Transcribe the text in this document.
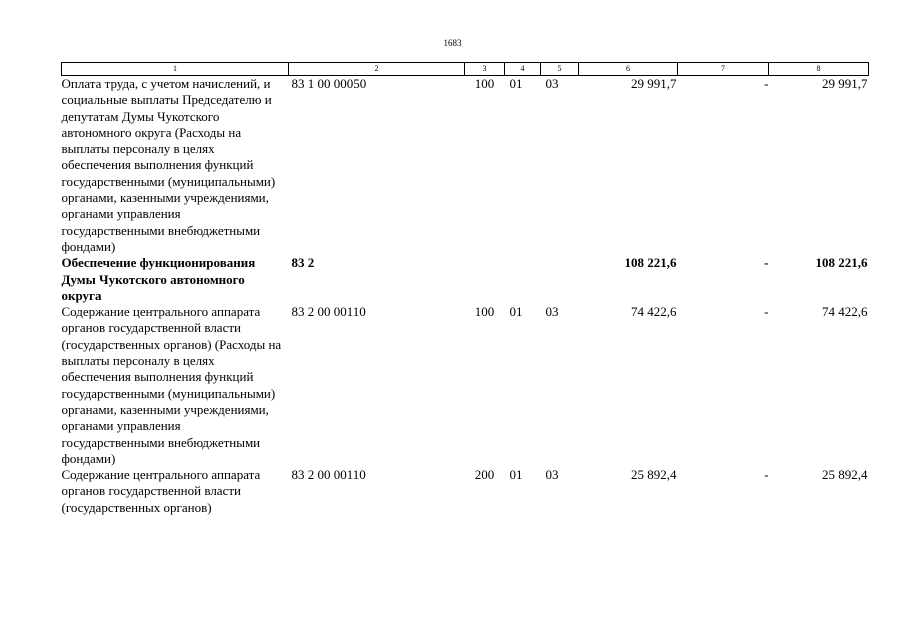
1683
1	2	3	4	5	6	7	8
Оплата труда, с учетом начислений, и социальные выплаты Председателю и депутатам Думы Чукотского автономного округа (Расходы на выплаты персоналу в целях обеспечения выполнения функций государственными (муниципальными) органами, казенными учреждениями, органами управления государственными внебюджетными фондами)	83 1 00 00050	100	01	03	29 991,7	-	29 991,7
Обеспечение функционирования Думы Чукотского автономного округа	83 2				108 221,6	-	108 221,6
Содержание центрального аппарата органов государственной власти (государственных органов) (Расходы на выплаты персоналу в целях обеспечения выполнения функций государственными (муниципальными) органами, казенными учреждениями, органами управления государственными внебюджетными фондами)	83 2 00 00110	100	01	03	74 422,6	-	74 422,6
Содержание центрального аппарата органов государственной власти (государственных органов)	83 2 00 00110	200	01	03	25 892,4	-	25 892,4
